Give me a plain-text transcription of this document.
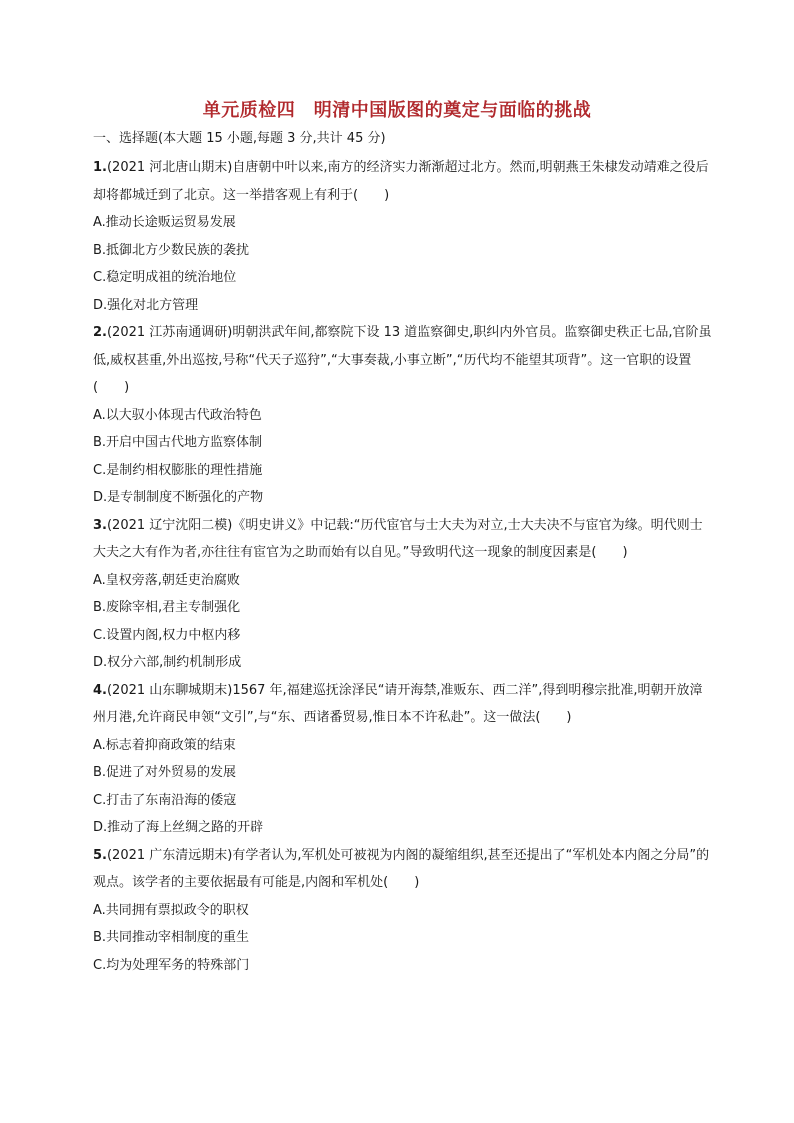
单元质检四　明清中国版图的奠定与面临的挑战
一、选择题(本大题 15 小题,每题 3 分,共计 45 分)

1.(2021 河北唐山期末)自唐朝中叶以来,南方的经济实力渐渐超过北方。然而,明朝燕王朱棣发动靖难之役后却将都城迁到了北京。这一举措客观上有利于(　　)

A.推动长途贩运贸易发展

B.抵御北方少数民族的袭扰

C.稳定明成祖的统治地位

D.强化对北方管理

2.(2021 江苏南通调研)明朝洪武年间,都察院下设 13 道监察御史,职纠内外官员。监察御史秩正七品,官阶虽低,威权甚重,外出巡按,号称“代天子巡狩”,“大事奏裁,小事立断”,“历代均不能望其项背”。这一官职的设置(　　)

A.以大驭小体现古代政治特色

B.开启中国古代地方监察体制

C.是制约相权膨胀的理性措施

D.是专制制度不断强化的产物

3.(2021 辽宁沈阳二模)《明史讲义》中记载:“历代宦官与士大夫为对立,士大夫决不与宦官为缘。明代则士大夫之大有作为者,亦往往有宦官为之助而始有以自见。”导致明代这一现象的制度因素是(　　)

A.皇权旁落,朝廷吏治腐败

B.废除宰相,君主专制强化

C.设置内阁,权力中枢内移

D.权分六部,制约机制形成

4.(2021 山东聊城期末)1567 年,福建巡抚涂泽民“请开海禁,准贩东、西二洋”,得到明穆宗批准,明朝开放漳州月港,允许商民申领“文引”,与“东、西诸番贸易,惟日本不许私赴”。这一做法(　　)

A.标志着抑商政策的结束

B.促进了对外贸易的发展

C.打击了东南沿海的倭寇

D.推动了海上丝绸之路的开辟

5.(2021 广东清远期末)有学者认为,军机处可被视为内阁的凝缩组织,甚至还提出了“军机处本内阁之分局”的观点。该学者的主要依据最有可能是,内阁和军机处(　　)

A.共同拥有票拟政令的职权

B.共同推动宰相制度的重生

C.均为处理军务的特殊部门
